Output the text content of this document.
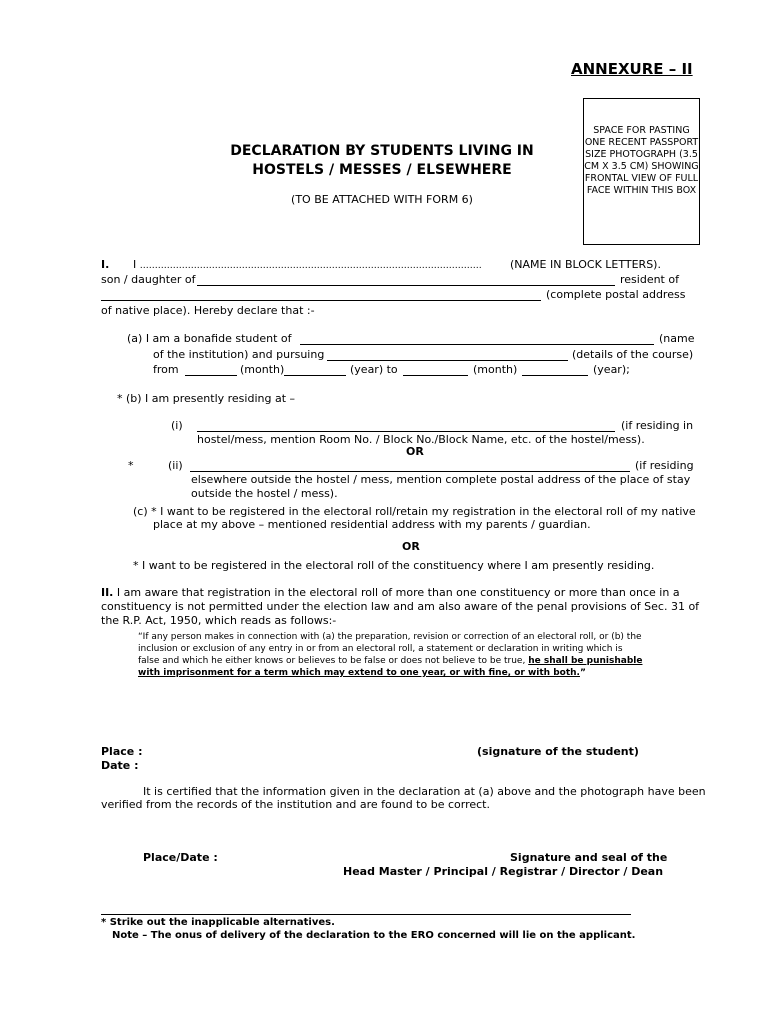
ANNEXURE – II
SPACE FOR PASTING ONE RECENT PASSPORT SIZE PHOTOGRAPH (3.5 CM X 3.5 CM) SHOWING FRONTAL VIEW OF FULL FACE WITHIN THIS BOX
DECLARATION BY STUDENTS LIVING IN
HOSTELS / MESSES / ELSEWHERE
(TO BE ATTACHED WITH FORM 6)
I. I ……………………………………………………………………………………………………	(NAME IN BLOCK LETTERS).
son / daughter of	resident of
(complete postal address
of native place). Hereby declare that :-
(a) I am a bonafide student of	(name
of the institution) and pursuing	(details of the course)
from	(month)	(year) to	(month)	(year);
* (b) I am presently residing at –
(i)	(if residing in
hostel/mess, mention Room No. / Block No./Block Name, etc. of the hostel/mess).
OR
*	(ii)	(if residing
elsewhere outside the hostel / mess, mention complete postal address of the place of stay
outside the hostel / mess).
(c) * I want to be registered in the electoral roll/retain my registration in the electoral roll of my native
place at my above – mentioned residential address with my parents / guardian.
OR
* I want to be registered in the electoral roll of the constituency where I am presently residing.
II. I am aware that registration in the electoral roll of more than one constituency or more than once in a
constituency is not permitted under the election law and am also aware of the penal provisions of Sec. 31 of
the R.P. Act, 1950, which reads as follows:-
“If any person makes in connection with (a) the preparation, revision or correction of an electoral roll, or (b) the
inclusion or exclusion of any entry in or from an electoral roll, a statement or declaration in writing which is
false and which he either knows or believes to be false or does not believe to be true, he shall be punishable
with imprisonment for a term which may extend to one year, or with fine, or with both.”
Place :
Date :
(signature of the student)
It is certified that the information given in the declaration at (a) above and the photograph have been
verified from the records of the institution and are found to be correct.
Place/Date :	Signature and seal of the
Head Master / Principal / Registrar / Director / Dean
* Strike out the inapplicable alternatives.
Note – The onus of delivery of the declaration to the ERO concerned will lie on the applicant.
